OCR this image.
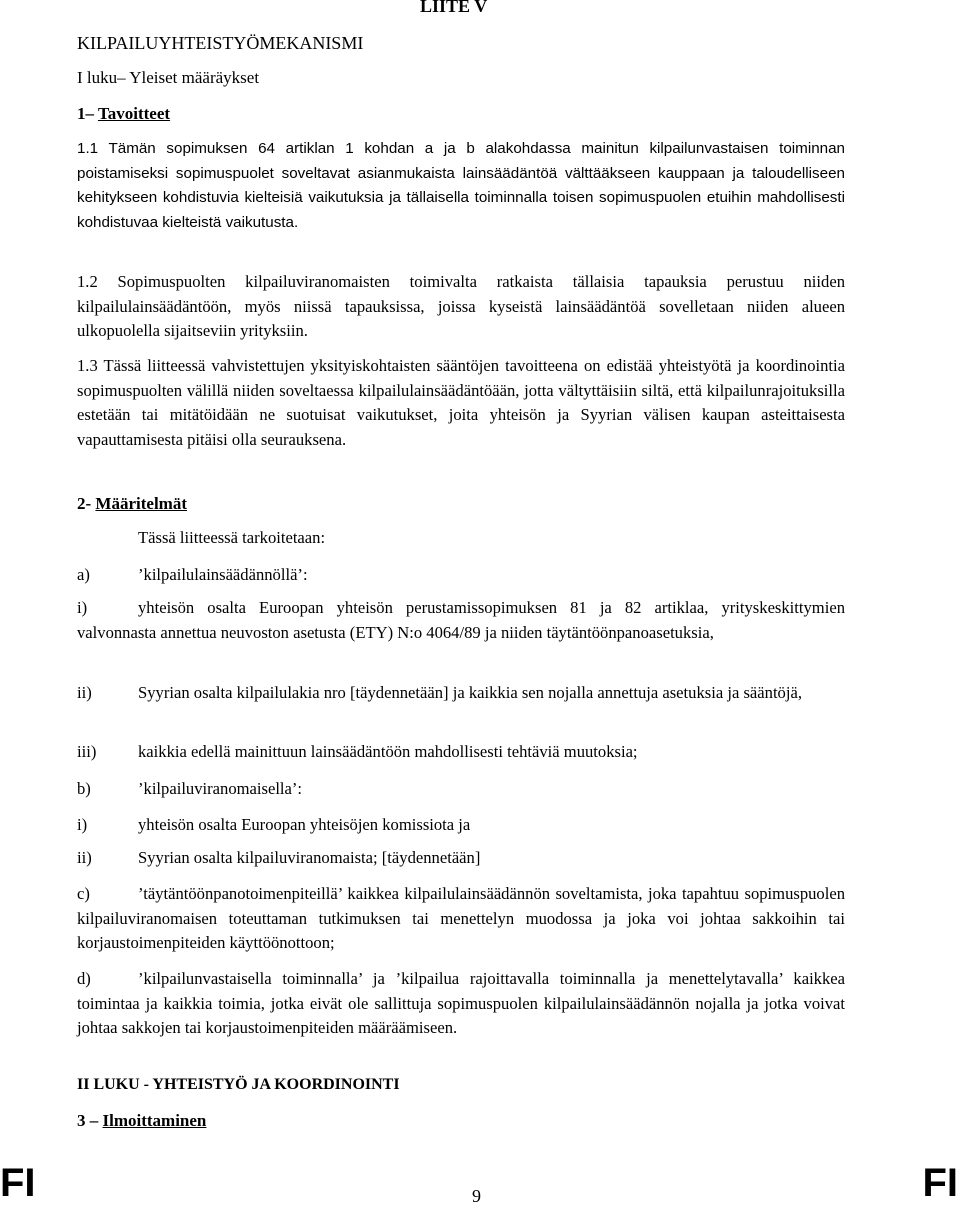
LIITE V
KILPAILUYHTEISTYÖMEKANISMI
I luku– Yleiset määräykset
1– Tavoitteet
1.1 Tämän sopimuksen 64 artiklan 1 kohdan a ja b alakohdassa mainitun kilpailunvastaisen toiminnan poistamiseksi sopimuspuolet soveltavat asianmukaista lainsäädäntöä välttääkseen kauppaan ja taloudelliseen kehitykseen kohdistuvia kielteisiä vaikutuksia ja tällaisella toiminnalla toisen sopimuspuolen etuihin mahdollisesti kohdistuvaa kielteistä vaikutusta.
1.2 Sopimuspuolten kilpailuviranomaisten toimivalta ratkaista tällaisia tapauksia perustuu niiden kilpailulainsäädäntöön, myös niissä tapauksissa, joissa kyseistä lainsäädäntöä sovelletaan niiden alueen ulkopuolella sijaitseviin yrityksiin.
1.3 Tässä liitteessä vahvistettujen yksityiskohtaisten sääntöjen tavoitteena on edistää yhteistyötä ja koordinointia sopimuspuolten välillä niiden soveltaessa kilpailulainsäädäntöään, jotta vältyttäisiin siltä, että kilpailunrajoituksilla estetään tai mitätöidään ne suotuisat vaikutukset, joita yhteisön ja Syyrian välisen kaupan asteittaisesta vapauttamisesta pitäisi olla seurauksena.
2- Määritelmät
Tässä liitteessä tarkoitetaan:
a)	’kilpailulainsäädännöllä’:
i)	yhteisön osalta Euroopan yhteisön perustamissopimuksen 81 ja 82 artiklaa, yrityskeskittymien valvonnasta annettua neuvoston asetusta (ETY) N:o 4064/89 ja niiden täytäntöönpanoasetuksia,
ii)	Syyrian osalta kilpailulakia nro [täydennetään] ja kaikkia sen nojalla annettuja asetuksia ja sääntöjä,
iii)	kaikkia edellä mainittuun lainsäädäntöön mahdollisesti tehtäviä muutoksia;
b)	’kilpailuviranomaisella’:
i)	yhteisön osalta Euroopan yhteisöjen komissiota ja
ii)	Syyrian osalta kilpailuviranomaista; [täydennetään]
c)	’täytäntöönpanotoimenpiteillä’ kaikkea kilpailulainsäädännön soveltamista, joka tapahtuu sopimuspuolen kilpailuviranomaisen toteuttaman tutkimuksen tai menettelyn muodossa ja joka voi johtaa sakkoihin tai korjaustoimenpiteiden käyttöönottoon;
d)	’kilpailunvastaisella toiminnalla’ ja ’kilpailua rajoittavalla toiminnalla ja menettelytavalla’ kaikkea toimintaa ja kaikkia toimia, jotka eivät ole sallittuja sopimuspuolen kilpailulainsäädännön nojalla ja jotka voivat johtaa sakkojen tai korjaustoimenpiteiden määräämiseen.
II LUKU - YHTEISTYÖ JA KOORDINOINTI
3 – Ilmoittaminen
FI	9	FI
